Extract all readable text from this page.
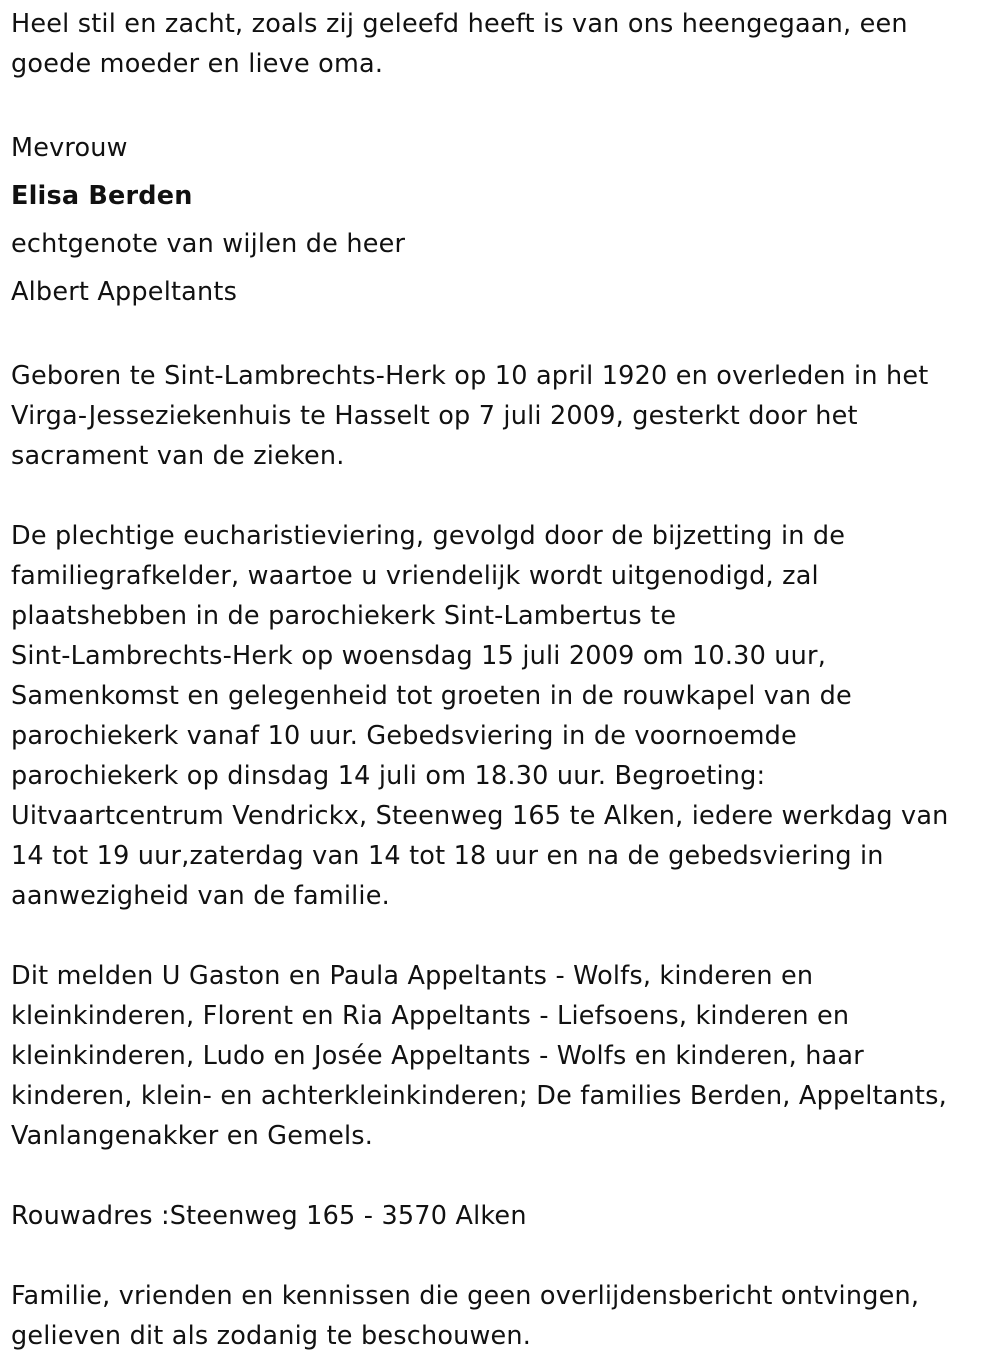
Heel stil en zacht, zoals zij geleefd heeft is van ons heengegaan, een

goede moeder en lieve oma.

Mevrouw

Elisa Berden

echtgenote van wijlen de heer

Albert Appeltants

Geboren te Sint-Lambrechts-Herk op 10 april 1920 en overleden in het

Virga-Jesseziekenhuis te Hasselt op 7 juli 2009, gesterkt door het

sacrament van de zieken.

De plechtige eucharistieviering, gevolgd door de bijzetting in de

familiegrafkelder, waartoe u vriendelijk wordt uitgenodigd, zal

plaatshebben in de parochiekerk Sint-Lambertus te

Sint-Lambrechts-Herk op woensdag 15 juli 2009 om 10.30 uur,

Samenkomst en gelegenheid tot groeten in de rouwkapel van de

parochiekerk vanaf 10 uur. Gebedsviering in de voornoemde

parochiekerk op dinsdag 14 juli om 18.30 uur. Begroeting:

Uitvaartcentrum Vendrickx, Steenweg 165 te Alken, iedere werkdag van

14 tot 19 uur,zaterdag van 14 tot 18 uur en na de gebedsviering in

aanwezigheid van de familie.

Dit melden U Gaston en Paula Appeltants - Wolfs, kinderen en

kleinkinderen, Florent en Ria Appeltants - Liefsoens, kinderen en

kleinkinderen, Ludo en Josée Appeltants - Wolfs en kinderen, haar

kinderen, klein- en achterkleinkinderen; De families Berden, Appeltants,

Vanlangenakker en Gemels.

Rouwadres :Steenweg 165 - 3570 Alken

Familie, vrienden en kennissen die geen overlijdensbericht ontvingen,

gelieven dit als zodanig te beschouwen.
